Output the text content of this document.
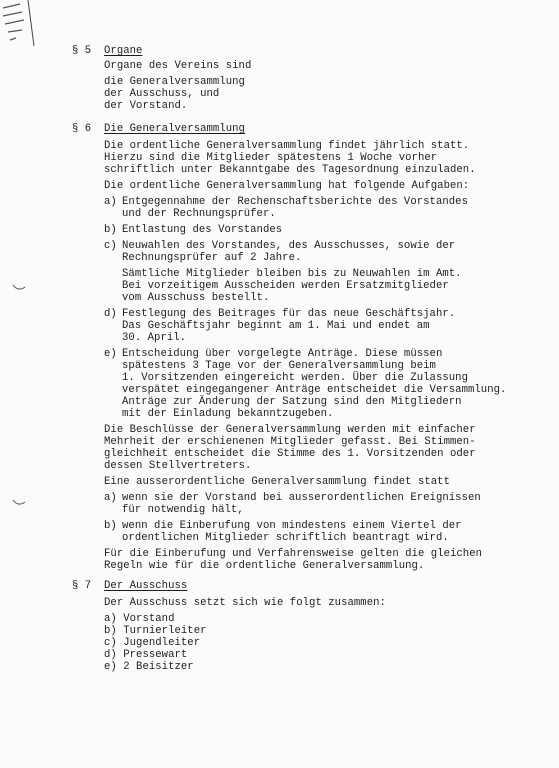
§ 5 Organe
Organe des Vereins sind
die Generalversammlung
der Ausschuss, und
der Vorstand.
§ 6 Die Generalversammlung
Die ordentliche Generalversammlung findet jährlich statt.
Hierzu sind die Mitglieder spätestens 1 Woche vorher
schriftlich unter Bekanntgabe des Tagesordnung einzuladen.
Die ordentliche Generalversammlung hat folgende Aufgaben:
a) Entgegennahme der Rechenschaftsberichte des Vorstandes
und der Rechnungsprüfer.
b) Entlastung des Vorstandes
c) Neuwahlen des Vorstandes, des Ausschusses, sowie der
Rechnungsprüfer auf 2 Jahre.
Sämtliche Mitglieder bleiben bis zu Neuwahlen im Amt.
Bei vorzeitigem Ausscheiden werden Ersatzmitglieder
vom Ausschuss bestellt.
d) Festlegung des Beitrages für das neue Geschäftsjahr.
Das Geschäftsjahr beginnt am 1. Mai und endet am
30. April.
e) Entscheidung über vorgelegte Anträge. Diese müssen
spätestens 3 Tage vor der Generalversammlung beim
1. Vorsitzenden eingereicht werden. Über die Zulassung
verspätet eingegangener Anträge entscheidet die Versammlung.
Anträge zur Änderung der Satzung sind den Mitgliedern
mit der Einladung bekanntzugeben.
Die Beschlüsse der Generalversammlung werden mit einfacher
Mehrheit der erschienenen Mitglieder gefasst. Bei Stimmen-
gleichheit entscheidet die Stimme des 1. Vorsitzenden oder
dessen Stellvertreters.
Eine ausserordentliche Generalversammlung findet statt
a) wenn sie der Vorstand bei ausserordentlichen Ereignissen
für notwendig hält,
b) wenn die Einberufung von mindestens einem Viertel der
ordentlichen Mitglieder schriftlich beantragt wird.
Für die Einberufung und Verfahrensweise gelten die gleichen
Regeln wie für die ordentliche Generalversammlung.
§ 7 Der Ausschuss
Der Ausschuss setzt sich wie folgt zusammen:
a) Vorstand
b) Turnierleiter
c) Jugendleiter
d) Pressewart
e) 2 Beisitzer
